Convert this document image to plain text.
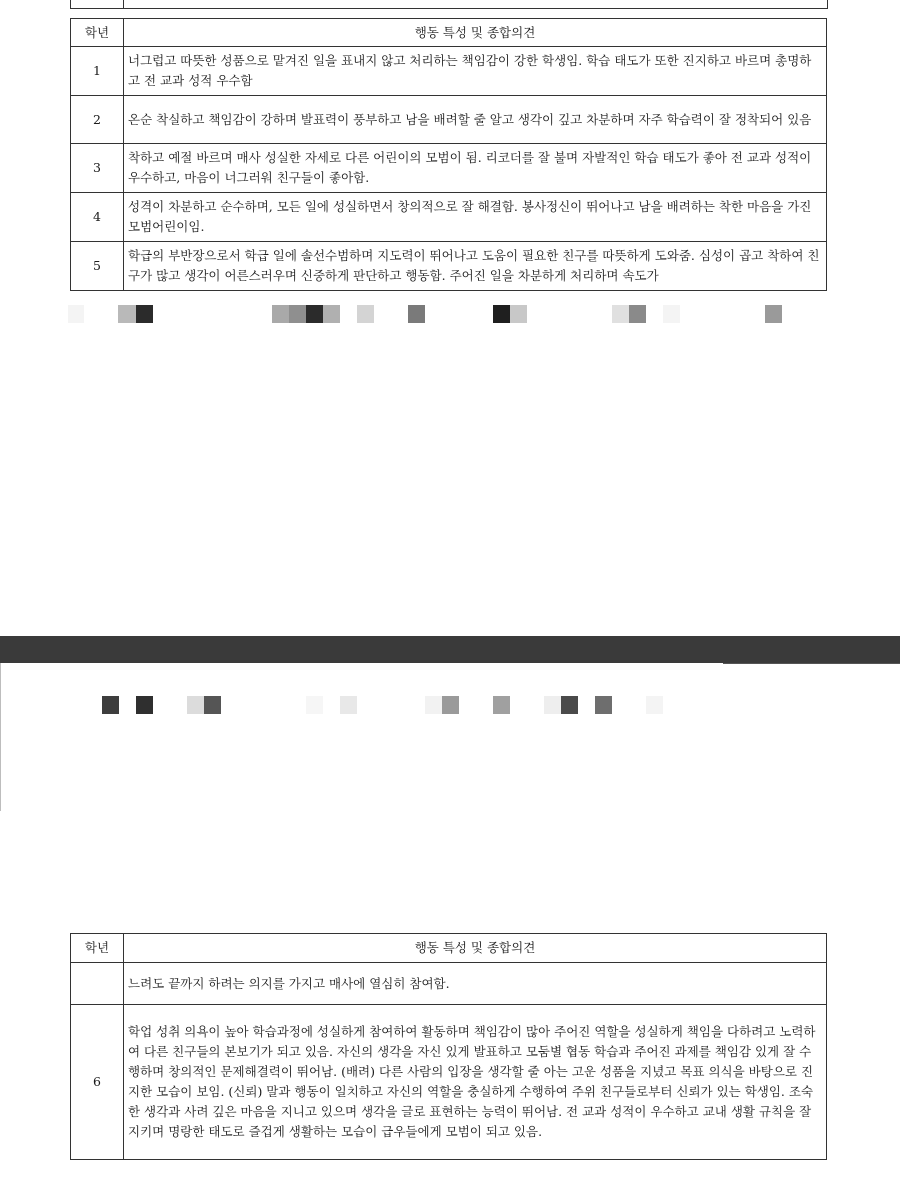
학년	행동 특성 및 종합의견
1	너그럽고 따뜻한 성품으로 맡겨진 일을 표내지 않고 처리하는 책임감이 강한 학생임. 학습 태도가 또한 진지하고 바르며 총명하고 전 교과 성적 우수함
2	온순 착실하고 책임감이 강하며 발표력이 풍부하고 남을 배려할 줄 알고 생각이 깊고 차분하며 자주 학습력이 잘 정착되어 있음
3	착하고 예절 바르며 매사 성실한 자세로 다른 어린이의 모범이 됨. 리코더를 잘 불며 자발적인 학습 태도가 좋아 전 교과 성적이 우수하고, 마음이 너그러워 친구들이 좋아함.
4	성격이 차분하고 순수하며, 모든 일에 성실하면서 창의적으로 잘 해결함. 봉사정신이 뛰어나고 남을 배려하는 착한 마음을 가진 모범어린이임.
5	학급의 부반장으로서 학급 일에 솔선수범하며 지도력이 뛰어나고 도움이 필요한 친구를 따뜻하게 도와줌. 심성이 곱고 착하여 친구가 많고 생각이 어른스러우며 신중하게 판단하고 행동함. 주어진 일을 차분하게 처리하며 속도가
학년	행동 특성 및 종합의견
	느려도 끝까지 하려는 의지를 가지고 매사에 열심히 참여함.
6	학업 성취 의욕이 높아 학습과정에 성실하게 참여하여 활동하며 책임감이 많아 주어진 역할을 성실하게 책임을 다하려고 노력하여 다른 친구들의 본보기가 되고 있음. 자신의 생각을 자신 있게 발표하고 모둠별 협동 학습과 주어진 과제를 책임감 있게 잘 수행하며 창의적인 문제해결력이 뛰어남. (배려) 다른 사람의 입장을 생각할 줄 아는 고운 성품을 지녔고 목표 의식을 바탕으로 진지한 모습이 보임. (신뢰) 말과 행동이 일치하고 자신의 역할을 충실하게 수행하여 주위 친구들로부터 신뢰가 있는 학생임. 조숙한 생각과 사려 깊은 마음을 지니고 있으며 생각을 글로 표현하는 능력이 뛰어남. 전 교과 성적이 우수하고 교내 생활 규칙을 잘 지키며 명랑한 태도로 즐겁게 생활하는 모습이 급우들에게 모범이 되고 있음.
